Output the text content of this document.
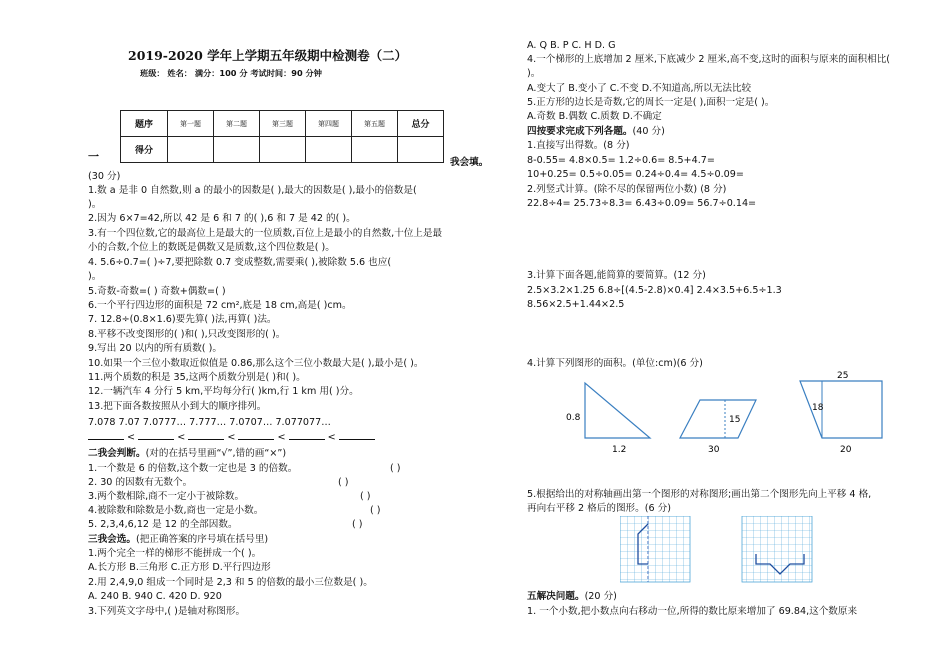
2019-2020 学年上学期五年级期中检测卷（二）
班级： 姓名： 满分：100 分 考试时间：90 分钟
题序	第一题	第二题	第三题	第四题	第五题	总分
得分						
一	我会填。
(30 分)
1.数 a 是非 0 自然数,则 a 的最小的因数是( ),最大的因数是( ),最小的倍数是(
)。
2.因为 6×7=42,所以 42 是 6 和 7 的( ),6 和 7 是 42 的( )。
3.有一个四位数,它的最高位上是最大的一位质数,百位上是最小的自然数,十位上是最
小的合数,个位上的数既是偶数又是质数,这个四位数是( )。
4. 5.6÷0.7=( )÷7,要把除数 0.7 变成整数,需要乘( ),被除数 5.6 也应(
)。
5.奇数-奇数=( ) 奇数+偶数=( )
6.一个平行四边形的面积是 72 cm²,底是 18 cm,高是( )cm。
7. 12.8÷(0.8×1.6)要先算( )法,再算( )法。
8.平移不改变图形的( )和( ),只改变图形的( )。
9.写出 20 以内的所有质数( )。
10.如果一个三位小数取近似值是 0.86,那么这个三位小数最大是( ),最小是( )。
11.两个质数的积是 35,这两个质数分别是( )和( )。
12.一辆汽车 4 分行 5 km,平均每分行( )km,行 1 km 用( )分。
13.把下面各数按照从小到大的顺序排列。
7.078 7.07 7.0777… 7.777… 7.0707… 7.077077…
<	<	<	<	<
二我会判断。(对的在括号里画“√”,错的画“×”)
1.一个数是 6 的倍数,这个数一定也是 3 的倍数。	( )
2. 30 的因数有无数个。	( )
3.两个数相除,商不一定小于被除数。	( )
4.被除数和除数是小数,商也一定是小数。	( )
5. 2,3,4,6,12 是 12 的全部因数。	( )
三我会选。(把正确答案的序号填在括号里)
1.两个完全一样的梯形不能拼成一个( )。
A.长方形 B.三角形 C.正方形 D.平行四边形
2.用 2,4,9,0 组成一个同时是 2,3 和 5 的倍数的最小三位数是( )。
A. 240 B. 940 C. 420 D. 920
3.下列英文字母中,( )是轴对称图形。
A. Q B. P C. H D. G
4.一个梯形的上底增加 2 厘米,下底减少 2 厘米,高不变,这时的面积与原来的面积相比(
)。
A.变大了 B.变小了 C.不变 D.不知道高,所以无法比较
5.正方形的边长是奇数,它的周长一定是( ),面积一定是( )。
A.奇数 B.偶数 C.质数 D.不确定
四按要求完成下列各题。(40 分)
1.直接写出得数。(8 分)
8-0.55= 4.8×0.5= 1.2÷0.6= 8.5+4.7=
10+0.25= 0.5÷0.05= 0.24÷0.4= 4.5÷0.09=
2.列竖式计算。(除不尽的保留两位小数) (8 分)
22.8÷4= 25.73÷8.3= 6.43÷0.09= 56.7÷0.14=
3.计算下面各题,能简算的要简算。(12 分)
2.5×3.2×1.25 6.8÷[(4.5-2.8)×0.4] 2.4×3.5+6.5÷1.3
8.56×2.5+1.44×2.5
4.计算下列图形的面积。(单位:cm)(6 分)
0.8
1.2
15
30
25
18
20
5.根据给出的对称轴画出第一个图形的对称图形;画出第二个图形先向上平移 4 格,
再向右平移 2 格后的图形。(6 分)
五解决问题。(20 分)
1. 一个小数,把小数点向右移动一位,所得的数比原来增加了 69.84,这个数原来
